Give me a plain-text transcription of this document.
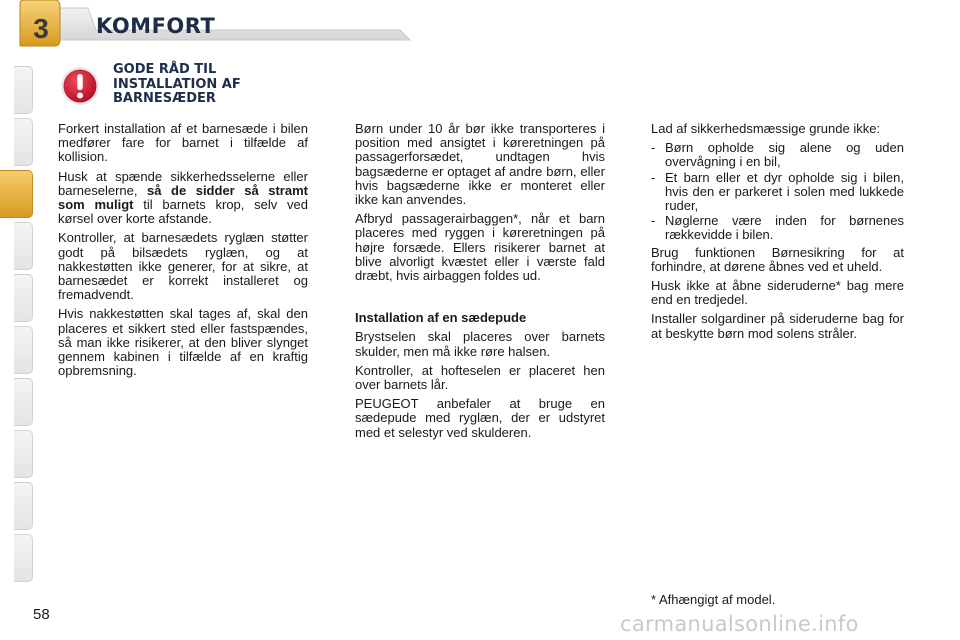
3	KOMFORT
GODE RÅD TIL
INSTALLATION AF
BARNESÆDER

Forkert installation af et barnesæde i bilen medfører fare for barnet i tilfælde af kollision.

Husk at spænde sikkerhedsselerne eller barneselerne, så de sidder så stramt som muligt til barnets krop, selv ved kørsel over korte afstande.

Kontroller, at barnesædets ryglæn støtter godt på bilsædets ryglæn, og at nakkestøtten ikke generer, for at sikre, at barnesædet er korrekt installeret og fremadvendt.

Hvis nakkestøtten skal tages af, skal den placeres et sikkert sted eller fastspændes, så man ikke risikerer, at den bliver slynget gennem kabinen i tilfælde af en kraftig opbremsning.

Børn under 10 år bør ikke transporteres i position med ansigtet i køreretningen på passagerforsædet, undtagen hvis bagsæderne er optaget af andre børn, eller hvis bagsæderne ikke er monteret eller ikke kan anvendes.

Afbryd passagerairbaggen*, når et barn placeres med ryggen i køreretningen på højre forsæde. Ellers risikerer barnet at blive alvorligt kvæstet eller i værste fald dræbt, hvis airbaggen foldes ud.

Installation af en sædepude

Brystselen skal placeres over barnets skulder, men må ikke røre halsen.

Kontroller, at hofteselen er placeret hen over barnets lår.

PEUGEOT anbefaler at bruge en sædepude med ryglæn, der er udstyret med et selestyr ved skulderen.

Lad af sikkerhedsmæssige grunde ikke:

- Børn opholde sig alene og uden overvågning i en bil,
- Et barn eller et dyr opholde sig i bilen, hvis den er parkeret i solen med lukkede ruder,
- Nøglerne være inden for børnenes rækkevidde i bilen.

Brug funktionen Børnesikring for at forhindre, at dørene åbnes ved et uheld.

Husk ikke at åbne sideruderne* bag mere end en tredjedel.

Installer solgardiner på sideruderne bag for at beskytte børn mod solens stråler.

* Afhængigt af model.
58	carmanualsonline.info
